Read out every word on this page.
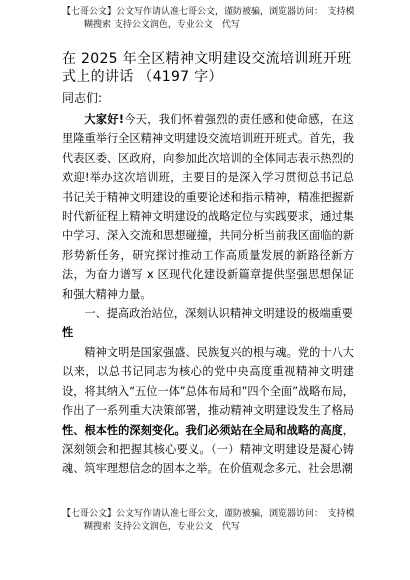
【七哥公文】公文写作请认准七哥公文，谨防被骗，浏览器访问：　支持模
糊搜索 支持公文润色，专业公文　代写
在 2025 年全区精神文明建设交流培训班开班式上的讲话 （4197 字）
同志们:

大家好!今天，我们怀着强烈的责任感和使命感，在这里隆重举行全区精神文明建设交流培训班开班式。首先，我代表区委、区政府，向参加此次培训的全体同志表示热烈的欢迎!举办这次培训班，主要目的是深入学习贯彻总书记总书记关于精神文明建设的重要论述和指示精神，精准把握新时代新征程上精神文明建设的战略定位与实践要求，通过集中学习、深入交流和思想碰撞，共同分析当前我区面临的新形势新任务，研究探讨推动工作高质量发展的新路径新方法，为奋力谱写 x 区现代化建设新篇章提供坚强思想保证和强大精神力量。

一、提高政治站位，深刻认识精神文明建设的极端重要性

精神文明是国家强盛、民族复兴的根与魂。党的十八大以来，以总书记同志为核心的党中央高度重视精神文明建设，将其纳入“五位一体”总体布局和”四个全面”战略布局，作出了一系列重大决策部署，推动精神文明建设发生了格局性、根本性的深刻变化。我们必须站在全局和战略的高度，深刻领会和把握其核心要义。（一）精神文明建设是凝心铸魂、筑牢理想信念的固本之举。在价值观念多元、社会思潮

【七哥公文】公文写作请认准七哥公文，谨防被骗，浏览器访问：　支持模
糊搜索 支持公文润色，专业公文　代写
